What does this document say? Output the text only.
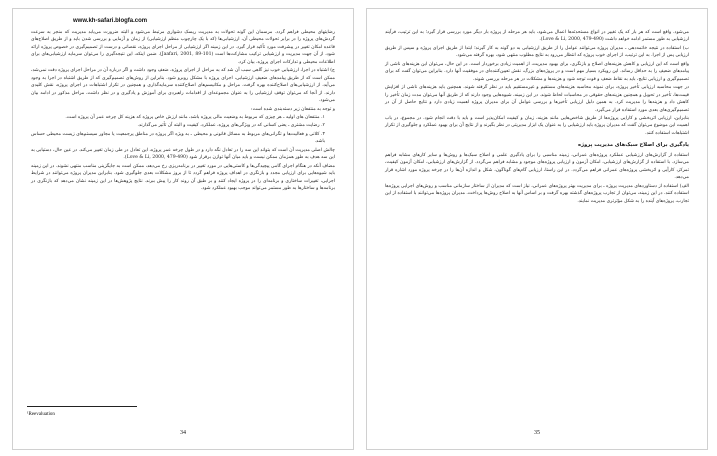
www.kh-safari.blogfa.com

رضایتهای محیطی فراهم گردد. مرسمان این گونه تحولات به مدیریت ریسک دشواری مرتبط می‌شود و البته ضرورت می‌یابد مدیریت که منجر به سرعت گردش‌های پروژه را در برابر تحولات محیطی آن، ارزشیابی‌ها (که با یک چارچوب منظم ارزشیابی) از زمان و آزمایی و بررسی شدن باید و از طریق اصلاح‌های قاعده امکان تغییر در پیشرفت مورد تأکید قرار گیرد. در این زمینه اگر ارزشیابی از مراحل اجرای پروژه، نقصانی و درست از تصمیم‌گیری در خصوص پروژه ارائه شود، از آن جهت مدیریت و ارزشیابی ترکیب مشارکت‌ها است (Jaafari, 2001, 89-101). ضمن اینکه، این نتیجه‌گیری را می‌توان سرمایه ارزشیابی‌های برای اطلاعات محیطی و تدارکات اجرای پروژه، بیان کرد.

ج) اشتباه در اجرا، ارزشیابی خوب نیز گاهی سبب آن شد که به مراحل از اجرای پروژه، ضعف وجود داشت و اگر درباره آن در مراحل اجرای پروژه دقت نمی‌شد، ممکن است که از طریق پیامدهای ضعیف ارزشیابی، اجرای پروژه با مشکل روبرو شود. بنابراین از روش‌های تصمیم‌گیری که از طریق اشتباه در اجرا به وجود می‌آید، از ارزشیابی‌های اصلاح‌کننده بهره گرفت. مراحل و مکانیسم‌های اصلاح‌کننده سرمایه‌گذاری و همچنین در تکرار اشتباهات در اجرای پروژه، نقش کلیدی دارند. از آنجا که می‌توان توقف ارزشیابی را به عنوان مجموعه‌ای از اقدامات راهبردی برای آموزش و یادگیری و در نظر داشت، مراحل مذکور در ادامه بیان می‌شود.

و توجه به منتفعان زیر دسته‌بندی شده است:

۱. منتفعان های اولیه ـ هر چیزی که مربوط به وضعیت مالی پروژه باشد، مانند ارزش خاص پروژه که هزینه کل چرخه عمر آن پروژه است.

۲. رضایت مشتری ـ یعنی کسانی که در ویژگی‌های پروژه، عملکرد، کیفیت و البته آن تأثیر می‌گذارند.

۳. کلانی و فعالیت‌ها و تگرانی‌های مربوط به مسائل قانونی و محیطی ـ به ویژه اگر پروژه در مناطق پرجمعیت یا مجاور سیستم‌های زیست محیطی حساس باشد.

چالش اصلی مدیریت آن است که بتواند این سه را در تعادل نگه دارد و در طول چرخه عمر پروژه، این تعادل در طی زمان تغییر می‌کند. در عین حال، دستیابی به این سه هدف به طور همزمان ممکن نیست و باید میان آنها توازن برقرار شود (Love & Li, 2000, 479-490).

مضاف آنکه در هنگام اجرای گامی پیچیدگی‌ها و کاستی‌هایی در مورد تغییر در برنامه‌ریزی رخ می‌دهد، ممکن است به جایگزینی مناسب منتهی نشوند. در این زمینه باید شیوه‌هایی برای ارزیابی مجدد و بازنگری در اهداف پروژه فراهم گردد تا از بروز مشکلات بعدی جلوگیری شود. بنابراین مدیران پروژه می‌توانند در شرایط اجرایی، تغییرات ساختاری و برنامه‌ای را در پروژه ایجاد کنند و بر طبق آن روند کار را پیش ببرند. نتایج پژوهش‌ها در این زمینه نشان می‌دهد که بازنگری در برنامه‌ها و ساختارها به طور مستمر می‌تواند موجب بهبود عملکرد شود.

¹Reevaluation
34

می‌شود. واقع است که هر بار که یک تغییر در انواع مستحدثه‌ها اعمال می‌شود، باید هر مرحله از پروژه بار دیگر مورد بررسی قرار گیرد؛ به این ترتیب، فرآیند ارزشیابی به طور مستمر ادامه خواهد داشت (Love & Li, 2000, 479-490).

ب) استفاده در نتیجه خاتمه‌دهی ـ مدیران پروژه می‌توانند عوامل را از طریق ارزشیابی به دو گونه به کار گیرند؛ ابتدا از طریق اجرای پروژه و سپس از طریق ارزیابی پس از اجرا. به این ترتیب، از اجرای خوب پروژه که انتظار می‌رود به نتایج مطلوب منتهی شود، بهره گرفته می‌شود.

واقع است که این ارزیابی و کاهش هزینه‌های اصلاح و بازنگری، برای بهبود مدیریت، از اهمیت زیادی برخوردار است. در این حال، می‌توان این هزینه‌های ناشی از پیامدهای ضعیف را به حداقل رساند. این رویکرد بسیار مهم است و در پروژه‌های بزرگ، نقش تعیین‌کننده‌ای در موفقیت آنها دارد. بنابراین می‌توان گفت که برای تصمیم‌گیری و ارزیابی نتایج، باید به نقاط ضعف و قوت توجه شود و هزینه‌ها و مشکلات در هر مرحله بررسی شوند.

در جهت محاسبه ارزیابی تأخیر پروژه، برای نمونه محاسبه هزینه‌های مستقیم و غیرمستقیم باید در نظر گرفته شوند. همچنین باید هزینه‌های ناشی از افزایش قیمت‌ها، تأخیر در تحویل و همچنین هزینه‌های حقوقی در محاسبات لحاظ شوند. در این زمینه، شیوه‌هایی وجود دارند که از طریق آنها می‌توان مدت زمان تأخیر را کاهش داد و هزینه‌ها را مدیریت کرد. به همین دلیل ارزیابی تأخیرها و بررسی عوامل آن برای مدیران پروژه اهمیت زیادی دارد و نتایج حاصل از آن در تصمیم‌گیری‌های بعدی مورد استفاده قرار می‌گیرد.

بنابراین، ارزیابی اثربخشی و کارایی پروژه‌ها از طریق شاخص‌هایی مانند هزینه، زمان و کیفیت امکان‌پذیر است و باید با دقت انجام شود. در مجموع، در باب اهمیت این موضوع می‌توان گفت که مدیران پروژه باید ارزشیابی را به عنوان یک ابزار مدیریتی در نظر بگیرند و از نتایج آن برای بهبود عملکرد و جلوگیری از تکرار اشتباهات استفاده کنند.

یادگیری برای اصلاح سبک‌های مدیریت پروژه

استفاده از گزارش‌های ارزشیابی عملکرد پروژه‌های عمرانی، زمینه مناسبی را برای یادگیری علمی و اصلاح سبک‌ها و روش‌ها و سایر کارهای مشابه فراهم می‌سازد. با استفاده از گزارش‌های ارزشیابی، امکان آزمون و ارزیابی پروژه‌های موجود و مشابه فراهم می‌گردد. از گزارش‌های ارزشیابی، امکان آزمون کیفیت، تمرکز، کارآیی و اثربخشی پروژه‌های عمرانی فراهم می‌گردد. در این راستا، ارزیابی گام‌های گوناگون، شکل و اندازه آن‌ها را در چرخه پروژه مورد اشاره قرار می‌دهد.

الف) استفاده از دستاوردهای مدیریت پروژه ـ برای مدیریت بهتر پروژه‌های عمرانی، نیاز است که مدیران از ساختار سازمانی مناسب و روش‌های اجرایی پروژه‌ها استفاده کنند. در این زمینه، می‌توان از تجارب پروژه‌های گذشته بهره گرفت و بر اساس آنها به اصلاح روش‌ها پرداخت. مدیران پروژه‌ها می‌توانند با استفاده از این تجارب، پروژه‌های آینده را به شکل مؤثرتری مدیریت نمایند.

35
